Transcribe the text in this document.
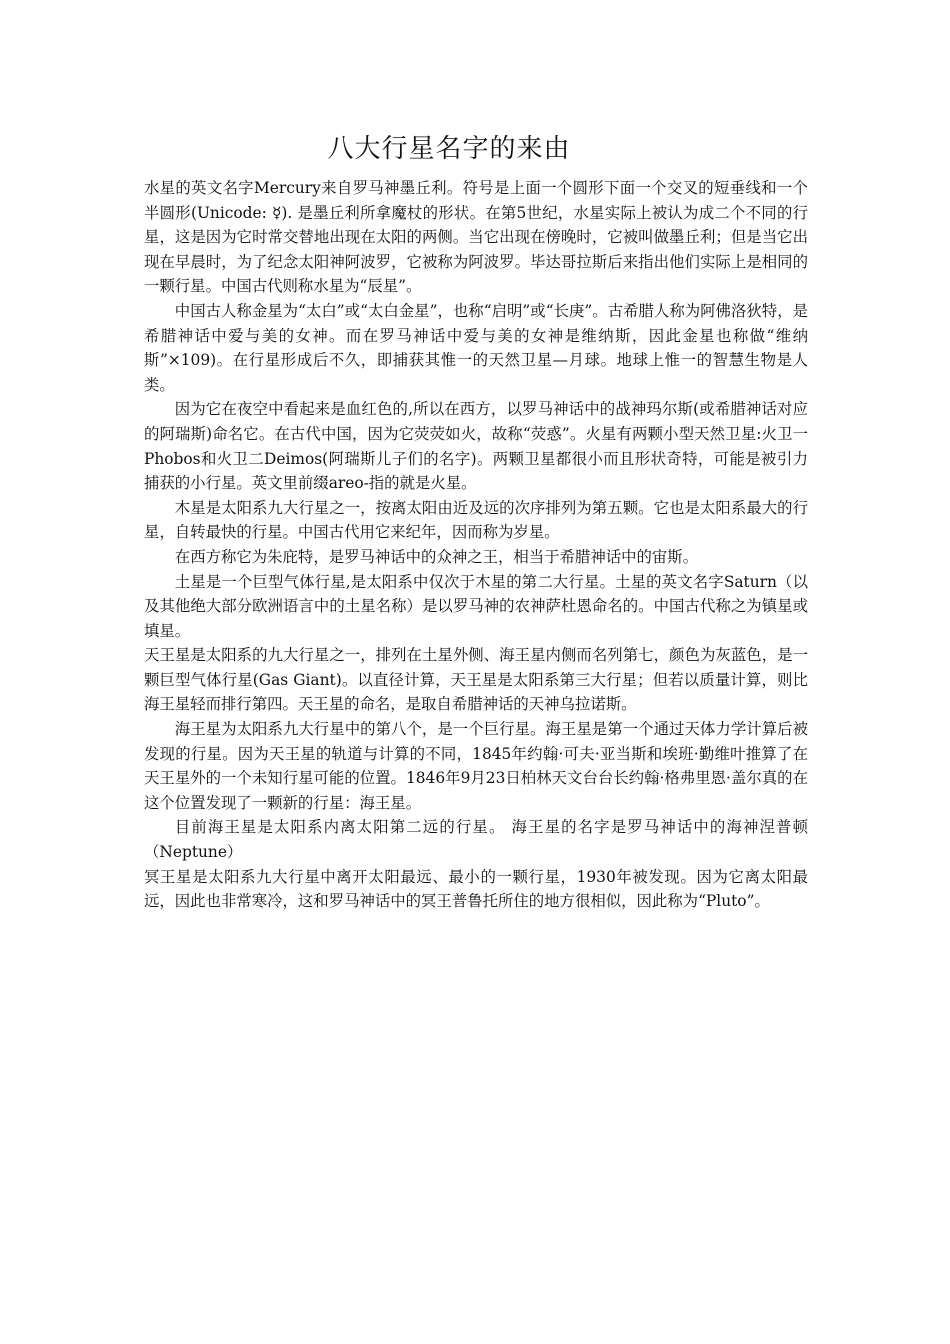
八大行星名字的来由

水星的英文名字Mercury来自罗马神墨丘利。符号是上面一个圆形下面一个交叉的短垂线和一个半圆形(Unicode: ☿). 是墨丘利所拿魔杖的形状。在第5世纪，水星实际上被认为成二个不同的行星，这是因为它时常交替地出现在太阳的两侧。当它出现在傍晚时，它被叫做墨丘利；但是当它出现在早晨时，为了纪念太阳神阿波罗，它被称为阿波罗。毕达哥拉斯后来指出他们实际上是相同的一颗行星。中国古代则称水星为“辰星”。

中国古人称金星为“太白”或“太白金星”，也称“启明”或“长庚”。古希腊人称为阿佛洛狄特，是希腊神话中爱与美的女神。而在罗马神话中爱与美的女神是维纳斯，因此金星也称做“维纳斯”×109)。在行星形成后不久，即捕获其惟一的天然卫星—月球。地球上惟一的智慧生物是人类。

因为它在夜空中看起来是血红色的,所以在西方，以罗马神话中的战神玛尔斯(或希腊神话对应的阿瑞斯)命名它。在古代中国，因为它荧荧如火，故称“荧惑”。火星有两颗小型天然卫星:火卫一Phobos和火卫二Deimos(阿瑞斯儿子们的名字)。两颗卫星都很小而且形状奇特，可能是被引力捕获的小行星。英文里前缀areo-指的就是火星。

木星是太阳系九大行星之一，按离太阳由近及远的次序排列为第五颗。它也是太阳系最大的行星，自转最快的行星。中国古代用它来纪年，因而称为岁星。

在西方称它为朱庇特，是罗马神话中的众神之王，相当于希腊神话中的宙斯。

土星是一个巨型气体行星,是太阳系中仅次于木星的第二大行星。土星的英文名字Saturn（以及其他绝大部分欧洲语言中的土星名称）是以罗马神的农神萨杜恩命名的。中国古代称之为镇星或填星。

天王星是太阳系的九大行星之一，排列在土星外侧、海王星内侧而名列第七，颜色为灰蓝色，是一颗巨型气体行星(Gas Giant)。以直径计算，天王星是太阳系第三大行星；但若以质量计算，则比海王星轻而排行第四。天王星的命名，是取自希腊神话的天神乌拉诺斯。

海王星为太阳系九大行星中的第八个，是一个巨行星。海王星是第一个通过天体力学计算后被发现的行星。因为天王星的轨道与计算的不同，1845年约翰·可夫·亚当斯和埃班·勤维叶推算了在天王星外的一个未知行星可能的位置。1846年9月23日柏林天文台台长约翰·格弗里恩·盖尔真的在这个位置发现了一颗新的行星：海王星。

目前海王星是太阳系内离太阳第二远的行星。 海王星的名字是罗马神话中的海神涅普顿（Neptune）

冥王星是太阳系九大行星中离开太阳最远、最小的一颗行星，1930年被发现。因为它离太阳最远，因此也非常寒冷，这和罗马神话中的冥王普鲁托所住的地方很相似，因此称为“Pluto”。
